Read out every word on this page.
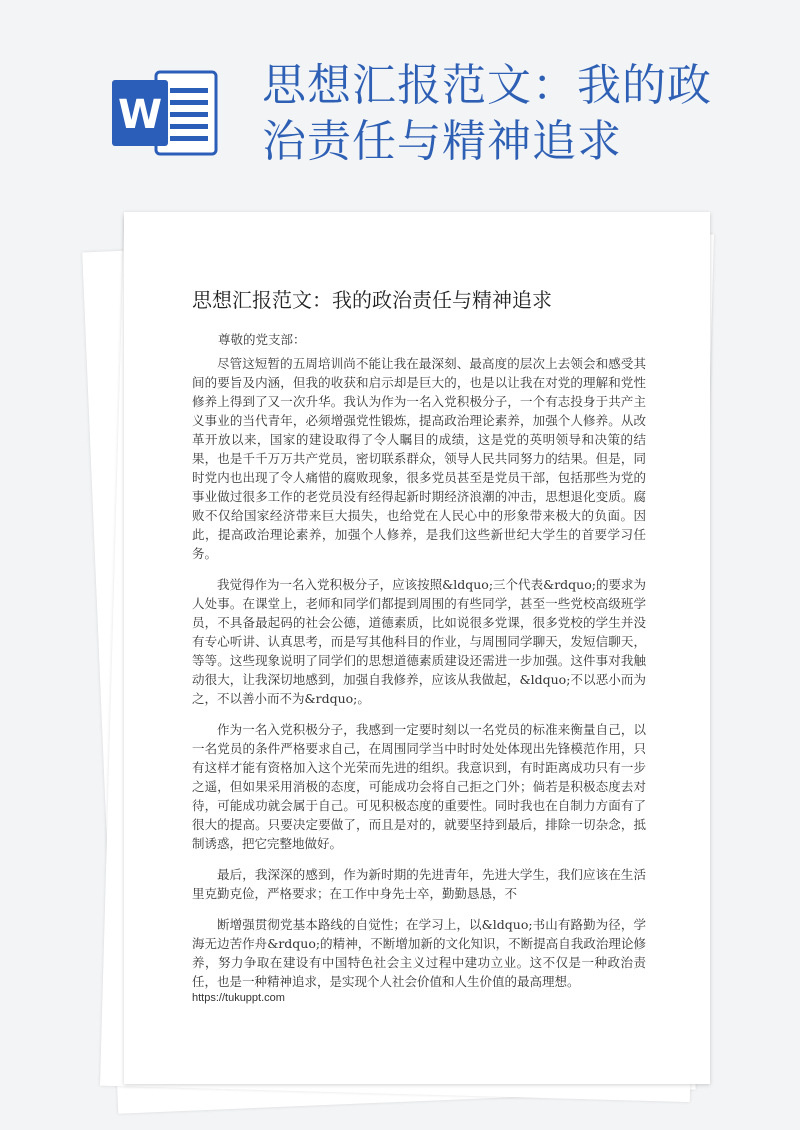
W
思想汇报范文：我的政
治责任与精神追求
思想汇报范文：我的政治责任与精神追求
尊敬的党支部：

尽管这短暂的五周培训尚不能让我在最深刻、最高度的层次上去领会和感受其间的要旨及内涵，但我的收获和启示却是巨大的，也是以让我在对党的理解和党性修养上得到了又一次升华。我认为作为一名入党积极分子，一个有志投身于共产主义事业的当代青年，必须增强党性锻炼，提高政治理论素养，加强个人修养。从改革开放以来，国家的建设取得了令人瞩目的成绩，这是党的英明领导和决策的结果，也是千千万万共产党员，密切联系群众，领导人民共同努力的结果。但是，同时党内也出现了令人痛惜的腐败现象，很多党员甚至是党员干部，包括那些为党的事业做过很多工作的老党员没有经得起新时期经济浪潮的冲击，思想退化变质。腐败不仅给国家经济带来巨大损失，也给党在人民心中的形象带来极大的负面。因此，提高政治理论素养，加强个人修养，是我们这些新世纪大学生的首要学习任务。

我觉得作为一名入党积极分子，应该按照&ldquo;三个代表&rdquo;的要求为人处事。在课堂上，老师和同学们都提到周围的有些同学，甚至一些党校高级班学员，不具备最起码的社会公德，道德素质，比如说很多党课，很多党校的学生并没有专心听讲、认真思考，而是写其他科目的作业，与周围同学聊天，发短信聊天，等等。这些现象说明了同学们的思想道德素质建设还需进一步加强。这件事对我触动很大，让我深切地感到，加强自我修养，应该从我做起，&ldquo;不以恶小而为之，不以善小而不为&rdquo;。

作为一名入党积极分子，我感到一定要时刻以一名党员的标准来衡量自己，以一名党员的条件严格要求自己，在周围同学当中时时处处体现出先锋模范作用，只有这样才能有资格加入这个光荣而先进的组织。我意识到，有时距离成功只有一步之遥，但如果采用消极的态度，可能成功会将自己拒之门外；倘若是积极态度去对待，可能成功就会属于自己。可见积极态度的重要性。同时我也在自制力方面有了很大的提高。只要决定要做了，而且是对的，就要坚持到最后，排除一切杂念，抵制诱惑，把它完整地做好。

最后，我深深的感到，作为新时期的先进青年，先进大学生，我们应该在生活里克勤克俭，严格要求；在工作中身先士卒，勤勤恳恳，不

断增强贯彻党基本路线的自觉性；在学习上，以&ldquo;书山有路勤为径，学海无边苦作舟&rdquo;的精神，不断增加新的文化知识，不断提高自我政治理论修养，努力争取在建设有中国特色社会主义过程中建功立业。这不仅是一种政治责任，也是一种精神追求，是实现个人社会价值和人生价值的最高理想。

https://tukuppt.com
